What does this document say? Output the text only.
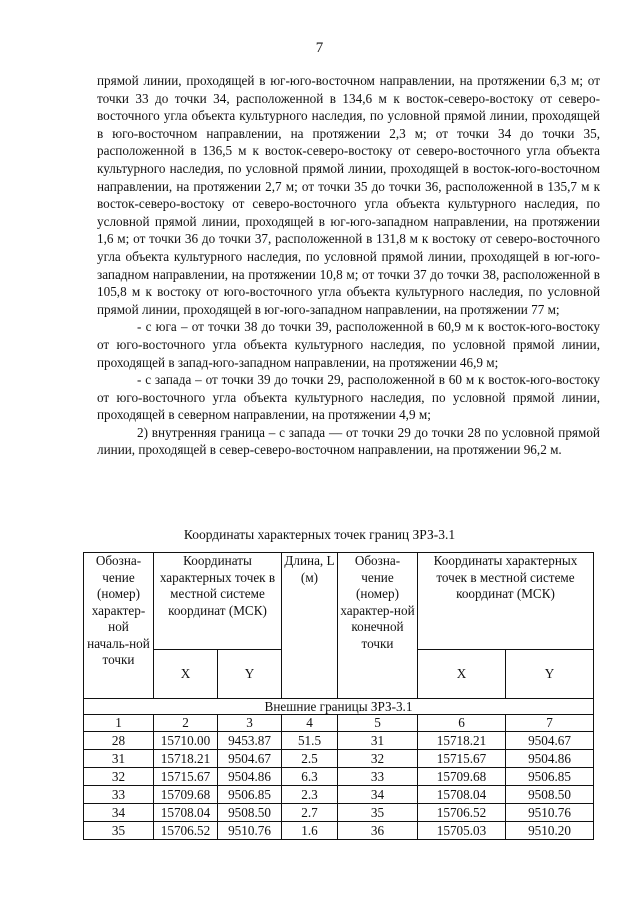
7

прямой линии, проходящей в юг-юго-восточном направлении, на протяжении 6,3 м; от точки 33 до точки 34, расположенной в 134,6 м к восток-северо-востоку от северо-восточного угла объекта культурного наследия, по условной прямой линии, проходящей в юго-восточном направлении, на протяжении 2,3 м; от точки 34 до точки 35, расположенной в 136,5 м к восток-северо-востоку от северо-восточного угла объекта культурного наследия, по условной прямой линии, проходящей в восток-юго-восточном направлении, на протяжении 2,7 м; от точки 35 до точки 36, расположенной в 135,7 м к восток-северо-востоку от северо-восточного угла объекта культурного наследия, по условной прямой линии, проходящей в юг-юго-западном направлении, на протяжении 1,6 м; от точки 36 до точки 37, расположенной в 131,8 м к востоку от северо-восточного угла объекта культурного наследия, по условной прямой линии, проходящей в юг-юго-западном направлении, на протяжении 10,8 м; от точки 37 до точки 38, расположенной в 105,8 м к востоку от юго-восточного угла объекта культурного наследия, по условной прямой линии, проходящей в юг-юго-западном направлении, на протяжении 77 м;

- с юга – от точки 38 до точки 39, расположенной в 60,9 м к восток-юго-востоку от юго-восточного угла объекта культурного наследия, по условной прямой линии, проходящей в запад-юго-западном направлении, на протяжении 46,9 м;

- с запада – от точки 39 до точки 29, расположенной в 60 м к восток-юго-востоку от юго-восточного угла объекта культурного наследия, по условной прямой линии, проходящей в северном направлении, на протяжении 4,9 м;

2) внутренняя граница – с запада — от точки 29 до точки 28 по условной прямой линии, проходящей в север-северо-восточном направлении, на протяжении 96,2 м.

Координаты характерных точек границ ЗРЗ-3.1
Обозна-чение (номер) характер-ной началь-ной точки	Координаты характерных точек в местной системе координат (МСК)		Длина, L (м)	Обозна-чение (номер) характер-ной конечной точки	Координаты характерных точек в местной системе координат (МСК)	
	X	Y			X	Y
Внешние границы ЗРЗ-3.1						
1	2	3	4	5	6	7
28	15710.00	9453.87	51.5	31	15718.21	9504.67
31	15718.21	9504.67	2.5	32	15715.67	9504.86
32	15715.67	9504.86	6.3	33	15709.68	9506.85
33	15709.68	9506.85	2.3	34	15708.04	9508.50
34	15708.04	9508.50	2.7	35	15706.52	9510.76
35	15706.52	9510.76	1.6	36	15705.03	9510.20
